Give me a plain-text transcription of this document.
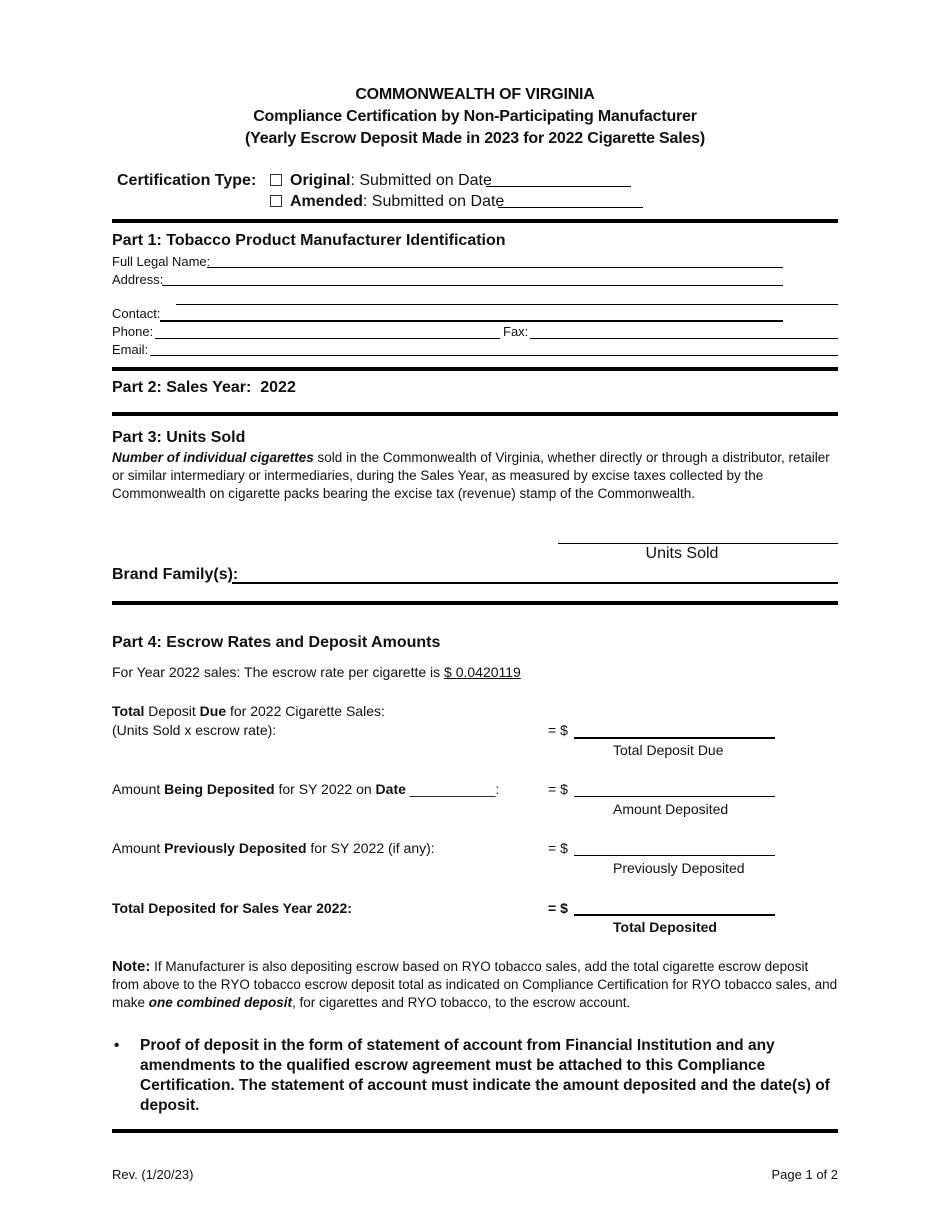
COMMONWEALTH OF VIRGINIA
Compliance Certification by Non-Participating Manufacturer
(Yearly Escrow Deposit Made in 2023 for 2022 Cigarette Sales)
Certification Type:	Original: Submitted on Date
Amended: Submitted on Date
Part 1: Tobacco Product Manufacturer Identification
Full Legal Name:
Address:
Contact:
Phone:	Fax:
Email:
Part 2: Sales Year: 2022
Part 3: Units Sold
Number of individual cigarettes sold in the Commonwealth of Virginia, whether directly or through a distributor, retailer or similar intermediary or intermediaries, during the Sales Year, as measured by excise taxes collected by the Commonwealth on cigarette packs bearing the excise tax (revenue) stamp of the Commonwealth.
Units Sold
Brand Family(s):
Part 4: Escrow Rates and Deposit Amounts
For Year 2022 sales: The escrow rate per cigarette is $ 0.0420119
Total Deposit Due for 2022 Cigarette Sales:
(Units Sold x escrow rate):	= $
Total Deposit Due
Amount Being Deposited for SY 2022 on Date ___________:	= $
Amount Deposited
Amount Previously Deposited for SY 2022 (if any):	= $
Previously Deposited
Total Deposited for Sales Year 2022:	= $
Total Deposited
Note: If Manufacturer is also depositing escrow based on RYO tobacco sales, add the total cigarette escrow deposit from above to the RYO tobacco escrow deposit total as indicated on Compliance Certification for RYO tobacco sales, and make one combined deposit, for cigarettes and RYO tobacco, to the escrow account.
• Proof of deposit in the form of statement of account from Financial Institution and any amendments to the qualified escrow agreement must be attached to this Compliance Certification. The statement of account must indicate the amount deposited and the date(s) of deposit.
Rev. (1/20/23)	Page 1 of 2
